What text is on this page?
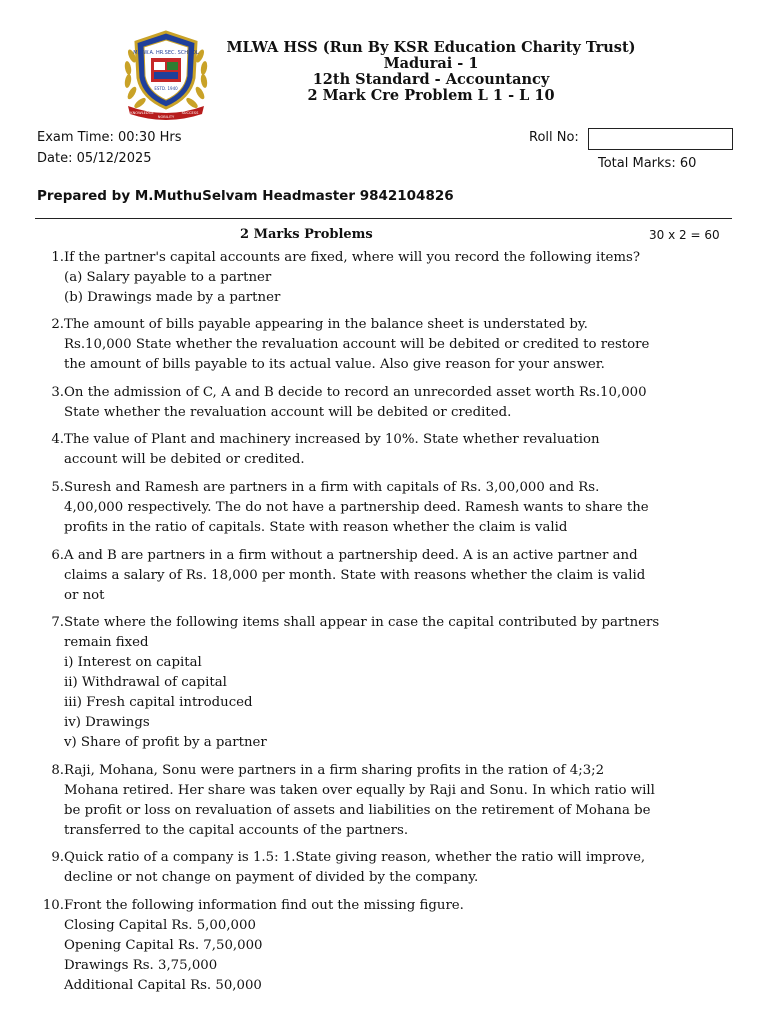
M.L.W.A. HR.SEC. SCHOOL
ESTD. 1940
KNOWLEDGE
NOBILITY
SUCCESS
MLWA HSS (Run By KSR Education Charity Trust)
Madurai - 1
12th Standard - Accountancy
2 Mark Cre Problem L 1 - L 10
Exam Time: 00:30 Hrs
Date: 05/12/2025
Roll No:
Total Marks: 60
Prepared by M.MuthuSelvam Headmaster 9842104826
2 Marks Problems	30 x 2 = 60
1. If the partner's capital accounts are fixed, where will you record the following items?
(a) Salary payable to a partner
(b) Drawings made by a partner
2. The amount of bills payable appearing in the balance sheet is understated by.
Rs.10,000 State whether the revaluation account will be debited or credited to restore
the amount of bills payable to its actual value. Also give reason for your answer.
3. On the admission of C, A and B decide to record an unrecorded asset worth Rs.10,000
State whether the revaluation account will be debited or credited.
4. The value of Plant and machinery increased by 10%. State whether revaluation
account will be debited or credited.
5. Suresh and Ramesh are partners in a firm with capitals of Rs. 3,00,000 and Rs.
4,00,000 respectively. The do not have a partnership deed. Ramesh wants to share the
profits in the ratio of capitals. State with reason whether the claim is valid
6. A and B are partners in a firm without a partnership deed. A is an active partner and
claims a salary of Rs. 18,000 per month. State with reasons whether the claim is valid
or not
7. State where the following items shall appear in case the capital contributed by partners
remain fixed
i) Interest on capital
ii) Withdrawal of capital
iii) Fresh capital introduced
iv) Drawings
v) Share of profit by a partner
8. Raji, Mohana, Sonu were partners in a firm sharing profits in the ration of 4;3;2
Mohana retired. Her share was taken over equally by Raji and Sonu. In which ratio will
be profit or loss on revaluation of assets and liabilities on the retirement of Mohana be
transferred to the capital accounts of the partners.
9. Quick ratio of a company is 1.5: 1.State giving reason, whether the ratio will improve,
decline or not change on payment of divided by the company.
10. Front the following information find out the missing figure.
Closing Capital Rs. 5,00,000
Opening Capital Rs. 7,50,000
Drawings Rs. 3,75,000
Additional Capital Rs. 50,000
